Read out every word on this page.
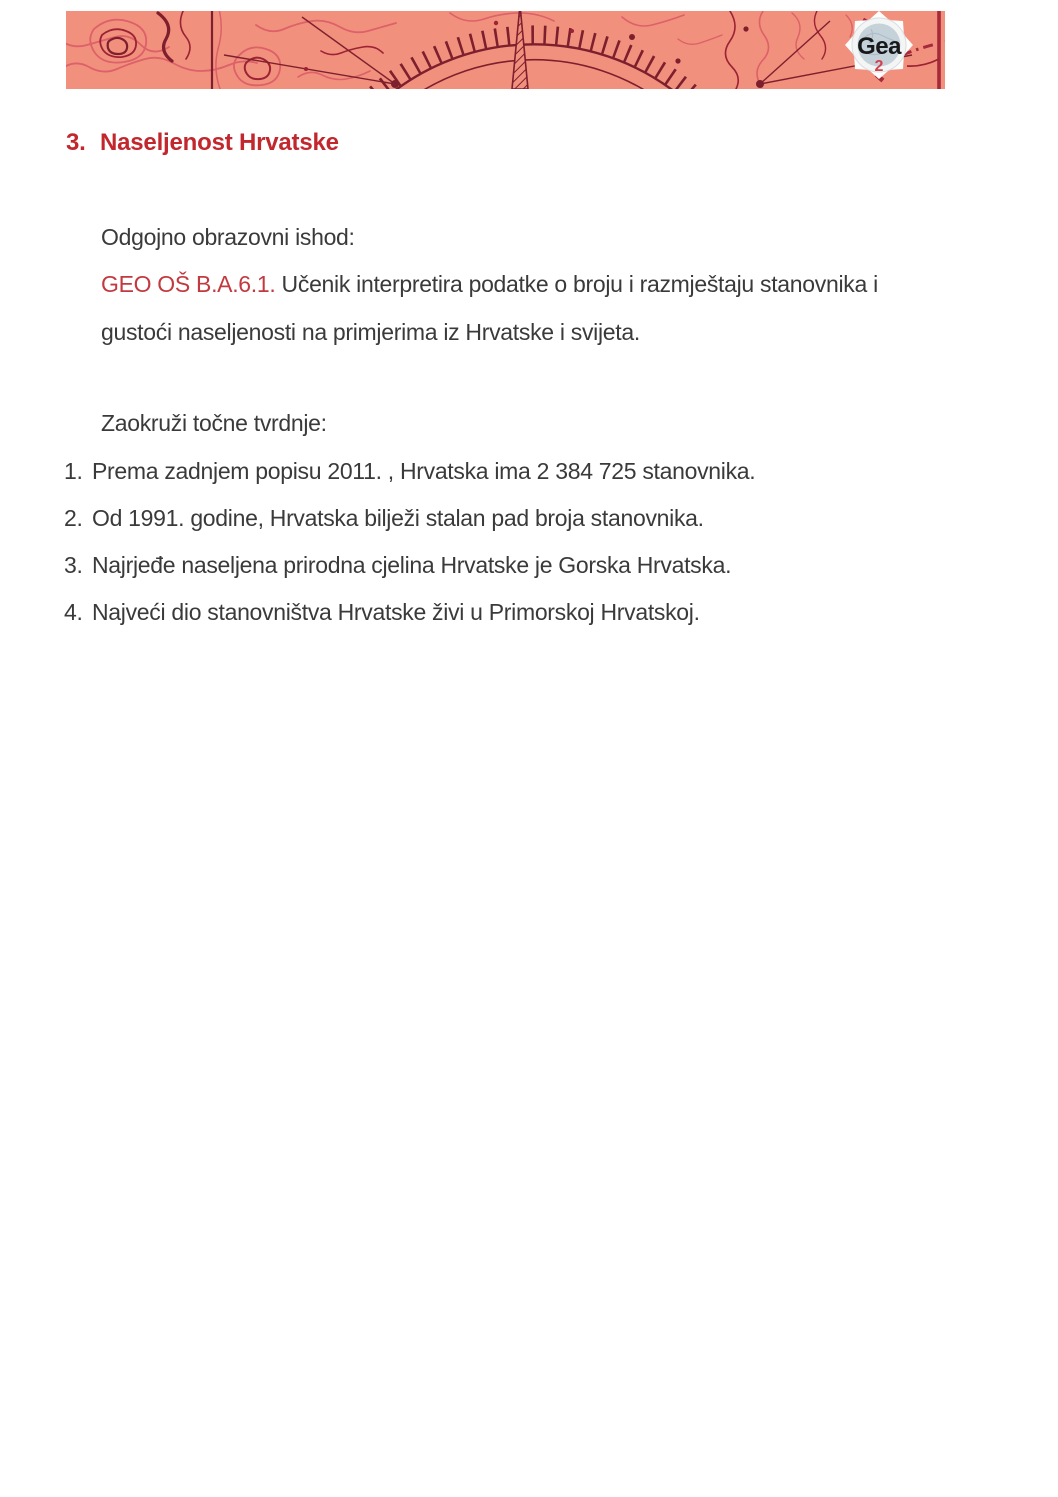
Gea
2
3. Naseljenost Hrvatske
Odgojno obrazovni ishod:
GEO OŠ B.A.6.1. Učenik interpretira podatke o broju i razmještaju stanovnika i
gustoći naseljenosti na primjerima iz Hrvatske i svijeta.
Zaokruži točne tvrdnje:
1. Prema zadnjem popisu 2011. , Hrvatska ima 2 384 725 stanovnika.
2. Od 1991. godine, Hrvatska bilježi stalan pad broja stanovnika.
3. Najrjeđe naseljena prirodna cjelina Hrvatske je Gorska Hrvatska.
4. Najveći dio stanovništva Hrvatske živi u Primorskoj Hrvatskoj.
